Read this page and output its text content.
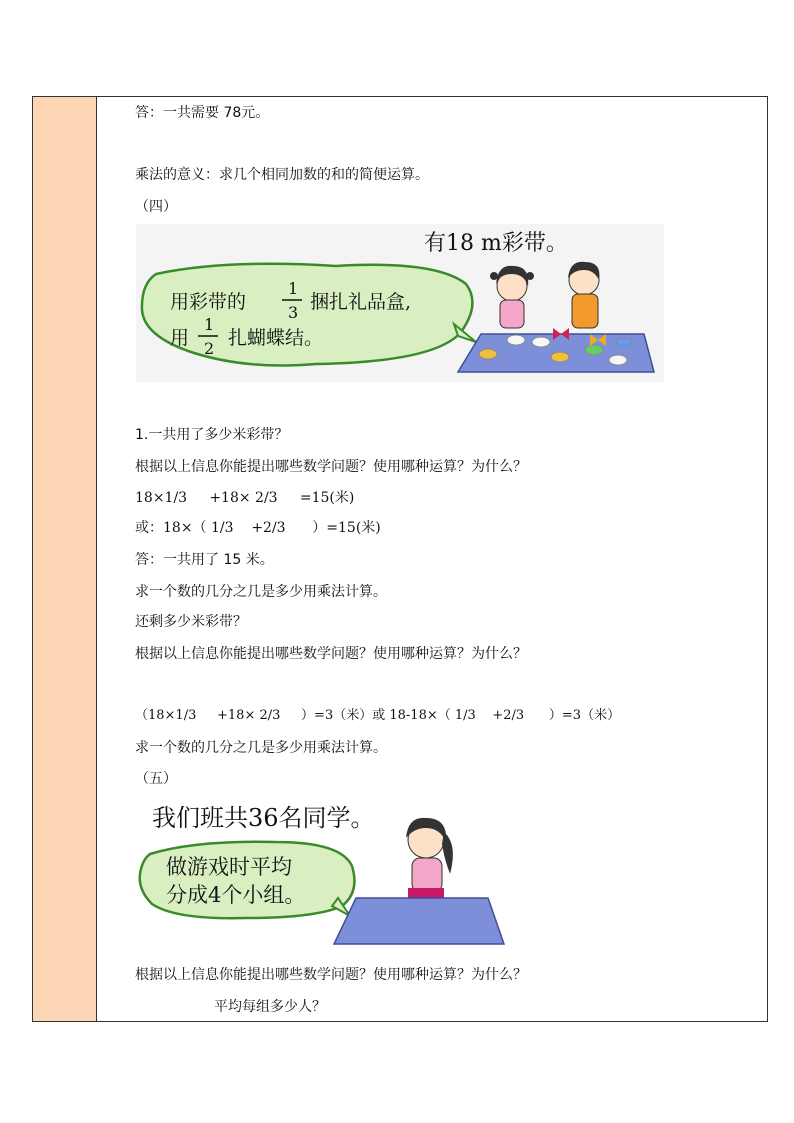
答：一共需要 78元。
乘法的意义：求几个相同加数的和的简便运算。
（四）
有18 m彩带。
用彩带的
1
3 捆扎礼品盒,
用
1
2 扎蝴蝶结。
1.一共用了多少米彩带？
根据以上信息你能提出哪些数学问题？使用哪种运算？为什么？
18×1/3     +18× 2/3     =15(米)
或：18×（ 1/3    +2/3      ）=15(米)
答：一共用了 15 米。
求一个数的几分之几是多少用乘法计算。
还剩多少米彩带？
根据以上信息你能提出哪些数学问题？使用哪种运算？为什么？
（18×1/3     +18× 2/3     ）=3（米）或 18-18×（ 1/3    +2/3      ）=3（米）
求一个数的几分之几是多少用乘法计算。
（五）
我们班共36名同学。
做游戏时平均
分成4个小组。
根据以上信息你能提出哪些数学问题？使用哪种运算？为什么？
平均每组多少人？
